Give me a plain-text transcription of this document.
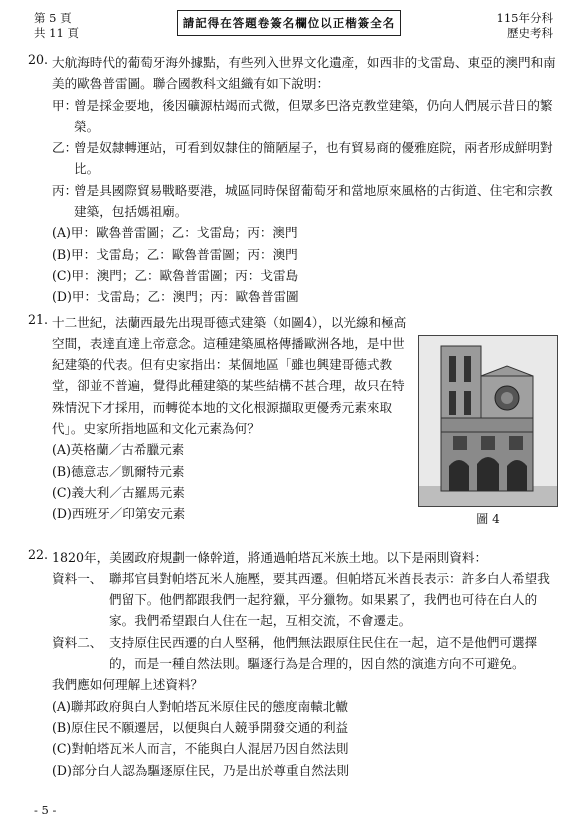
第 5 頁
共 11 頁
請記得在答題卷簽名欄位以正楷簽全名	115年分科
歷史考科
20. 大航海時代的葡萄牙海外據點，有些列入世界文化遺產，如西非的戈雷島、東亞的澳門和南美的歐魯普雷圖。聯合國教科文組織有如下說明：
甲：
曾是採金要地，後因礦源枯竭而式微，但眾多巴洛克教堂建築，仍向人們展示昔日的繁榮。
乙：
曾是奴隸轉運站，可看到奴隸住的簡陋屋子，也有貿易商的優雅庭院，兩者形成鮮明對比。
丙：
曾是具國際貿易戰略要港，城區同時保留葡萄牙和當地原來風格的古街道、住宅和宗教建築，包括媽祖廟。
(A)甲：歐魯普雷圖；乙：戈雷島；丙：澳門
(B)甲：戈雷島；乙：歐魯普雷圖；丙：澳門
(C)甲：澳門；乙：歐魯普雷圖；丙：戈雷島
(D)甲：戈雷島；乙：澳門；丙：歐魯普雷圖
21.
圖 4
十二世紀，法蘭西最先出現哥德式建築（如圖4），以光線和極高空間，表達直達上帝意念。這種建築風格傳播歐洲各地，是中世紀建築的代表。但有史家指出：某個地區「雖也興建哥德式教堂，卻並不普遍，覺得此種建築的某些結構不甚合理，故只在特殊情況下才採用，而轉從本地的文化根源擷取更優秀元素來取代」。史家所指地區和文化元素為何？
(A)英格蘭／古希臘元素
(B)德意志／凱爾特元素
(C)義大利／古羅馬元素
(D)西班牙／印第安元素
22. 1820年，美國政府規劃一條幹道，將通過帕塔瓦米族土地。以下是兩則資料：
資料一、 聯邦官員對帕塔瓦米人施壓，要其西遷。但帕塔瓦米酋長表示：許多白人希望我們留下。他們都跟我們一起狩獵，平分獵物。如果累了，我們也可待在白人的家。我們希望跟白人住在一起，互相交流，不會遷走。
資料二、 支持原住民西遷的白人堅稱，他們無法跟原住民住在一起，這不是他們可選擇的，而是一種自然法則。驅逐行為是合理的，因自然的演進方向不可避免。
我們應如何理解上述資料？
(A)聯邦政府與白人對帕塔瓦米原住民的態度南轅北轍
(B)原住民不願遷居，以便與白人競爭開發交通的利益
(C)對帕塔瓦米人而言，不能與白人混居乃因自然法則
(D)部分白人認為驅逐原住民，乃是出於尊重自然法則
- 5 -
